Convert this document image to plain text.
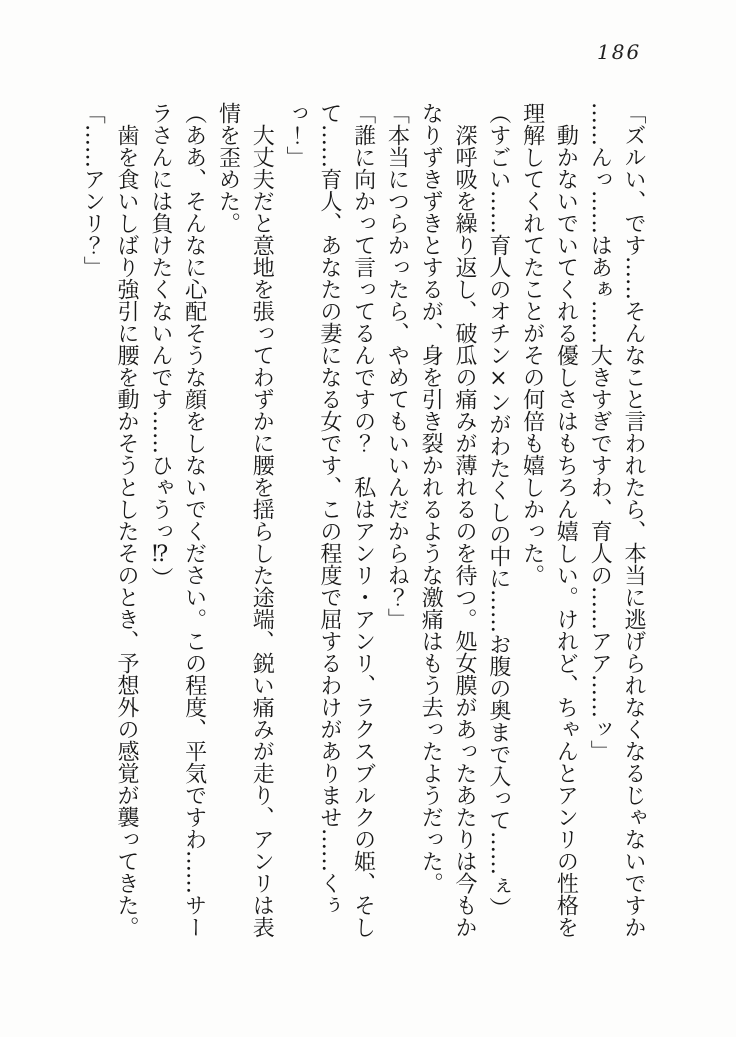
186

「ズルい、です……そんなこと言われたら、本当に逃げられなくなるじゃないですか

……んっ……はあぁ……大きすぎですわ、育人の……アア……ッ」

　動かないでいてくれる優しさはもちろん嬉しい。けれど、ちゃんとアンリの性格を

理解してくれてたことがその何倍も嬉しかった。

（すごい……育人のオチン×ンがわたくしの中に……お腹の奥まで入って……ぇ）

　深呼吸を繰り返し、破瓜の痛みが薄れるのを待つ。処女膜があったあたりは今もか

なりずきずきとするが、身を引き裂かれるような激痛はもう去ったようだった。

「本当につらかったら、やめてもいいんだからね？」

「誰に向かって言ってるんですの？　私はアンリ・アンリ、ラクスブルクの姫、そし

て……育人、あなたの妻になる女です、この程度で屈するわけがありませ……くぅ

っ！」

　大丈夫だと意地を張ってわずかに腰を揺らした途端、鋭い痛みが走り、アンリは表

情を歪めた。

（ああ、そんなに心配そうな顔をしないでください。この程度、平気ですわ……サー

ラさんには負けたくないんです……ひゃうっ⁉）

　歯を食いしばり強引に腰を動かそうとしたそのとき、予想外の感覚が襲ってきた。

「……アンリ？」
